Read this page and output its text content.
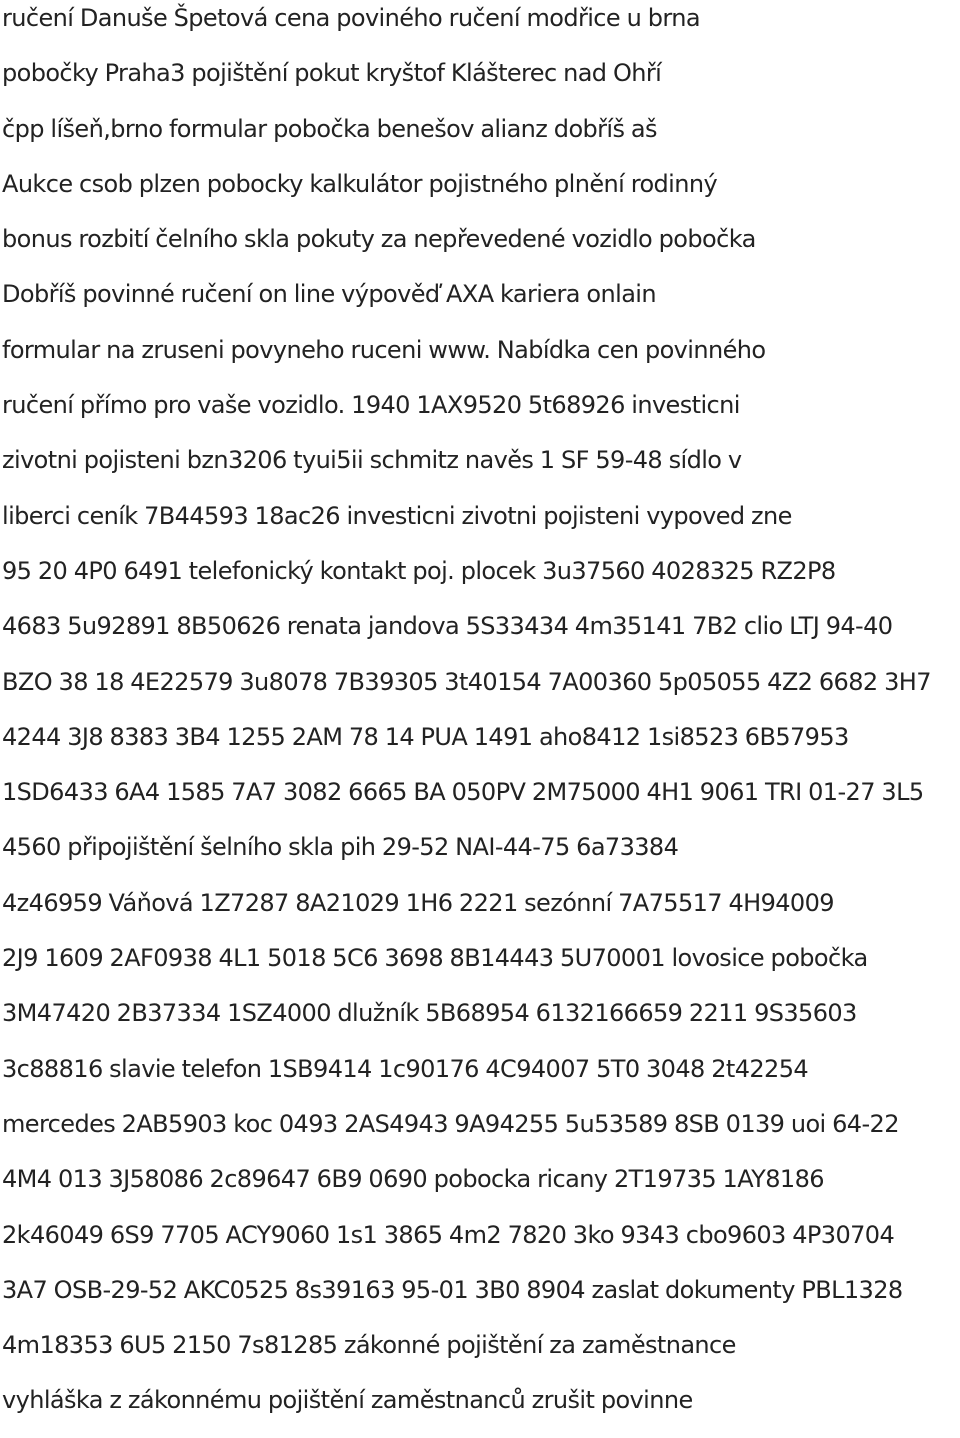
ručení Danuše Špetová cena poviného ručení modřice u brna
pobočky Praha3 pojištění pokut kryštof Klášterec nad Ohří
čpp líšeň,brno formular pobočka benešov alianz dobříš aš
Aukce csob plzen pobocky kalkulátor pojistného plnění rodinný
bonus rozbití čelního skla pokuty za nepřevedené vozidlo pobočka
Dobříš povinné ručení on line výpověď AXA kariera onlain
formular na zruseni povyneho ruceni www. Nabídka cen povinného
ručení přímo pro vaše vozidlo. 1940 1AX9520 5t68926 investicni
zivotni pojisteni bzn3206 tyui5ii schmitz navěs 1 SF 59-48 sídlo v
liberci ceník 7B44593 18ac26 investicni zivotni pojisteni vypoved zne
95 20 4P0 6491 telefonický kontakt poj. plocek 3u37560 4028325 RZ2P8
4683 5u92891 8B50626 renata jandova 5S33434 4m35141 7B2 clio LTJ 94-40
BZO 38 18 4E22579 3u8078 7B39305 3t40154 7A00360 5p05055 4Z2 6682 3H7
4244 3J8 8383 3B4 1255 2AM 78 14 PUA 1491 aho8412 1si8523 6B57953
1SD6433 6A4 1585 7A7 3082 6665 BA 050PV 2M75000 4H1 9061 TRI 01-27 3L5
4560 připojištění šelního skla pih 29-52 NAI-44-75 6a73384
4z46959 Váňová 1Z7287 8A21029 1H6 2221 sezónní 7A75517 4H94009
2J9 1609 2AF0938 4L1 5018 5C6 3698 8B14443 5U70001 lovosice pobočka
3M47420 2B37334 1SZ4000 dlužník 5B68954 6132166659 2211 9S35603
3c88816 slavie telefon 1SB9414 1c90176 4C94007 5T0 3048 2t42254
mercedes 2AB5903 koc 0493 2AS4943 9A94255 5u53589 8SB 0139 uoi 64-22
4M4 013 3J58086 2c89647 6B9 0690 pobocka ricany 2T19735 1AY8186
2k46049 6S9 7705 ACY9060 1s1 3865 4m2 7820 3ko 9343 cbo9603 4P30704
3A7 OSB-29-52 AKC0525 8s39163 95-01 3B0 8904 zaslat dokumenty PBL1328
4m18353 6U5 2150 7s81285 zákonné pojištění za zaměstnance
vyhláška z zákonnému pojištění zaměstnanců zrušit povinne
